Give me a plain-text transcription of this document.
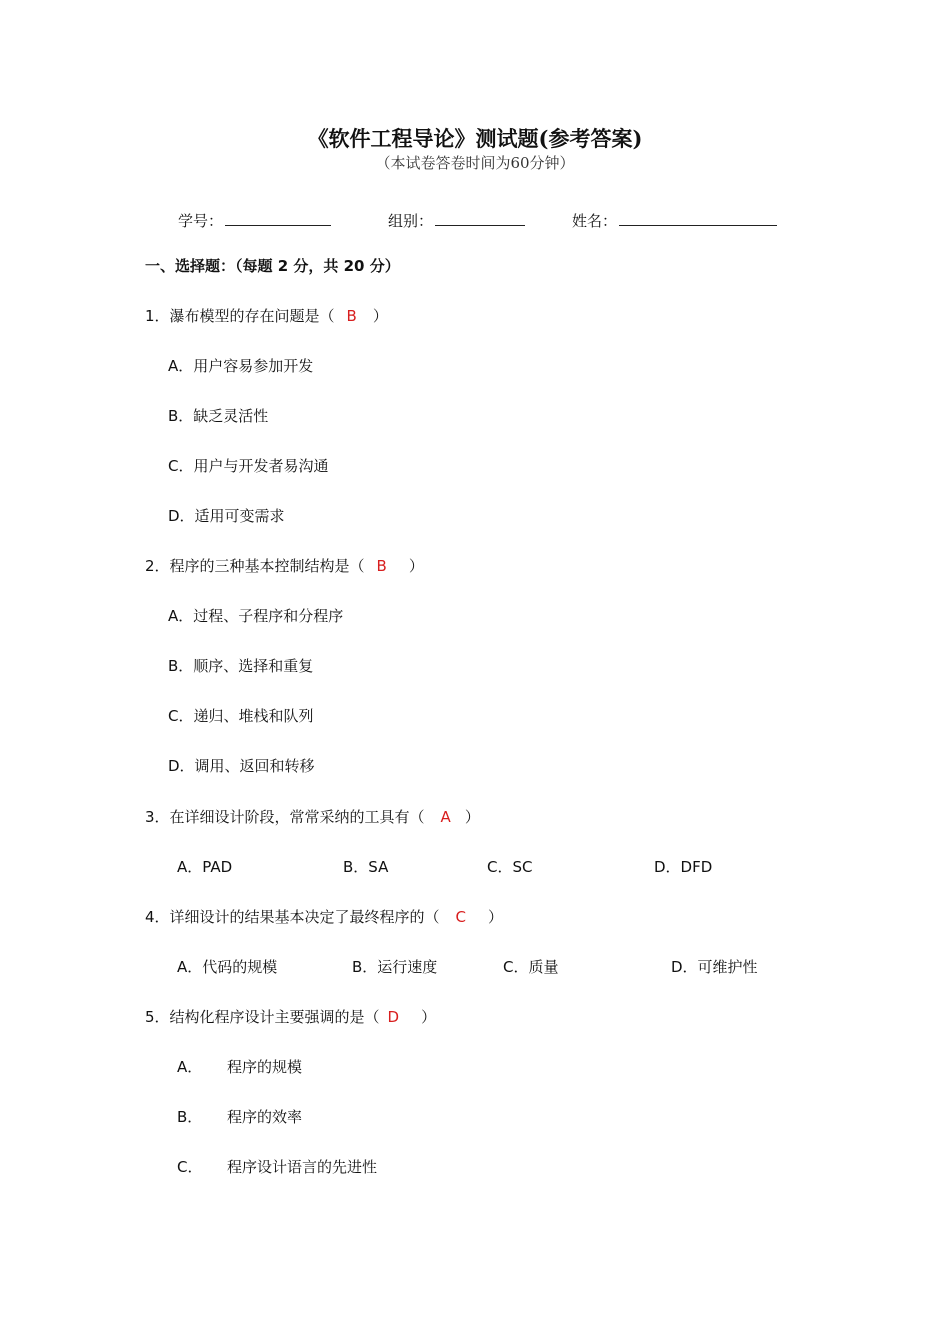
《软件工程导论》测试题(参考答案)
（本试卷答卷时间为60分钟）
学号：	组别：	姓名：
一、选择题：（每题 2 分，共 20 分）
1．瀑布模型的存在问题是（ B ）
A．用户容易参加开发
B．缺乏灵活性
C．用户与开发者易沟通
D．适用可变需求
2．程序的三种基本控制结构是（ B ）
A．过程、子程序和分程序
B．顺序、选择和重复
C．递归、堆栈和队列
D．调用、返回和转移
3．在详细设计阶段，常常采纳的工具有（ A ）
A．PAD	B．SA	C．SC	D．DFD
4．详细设计的结果基本决定了最终程序的（ C ）
A．代码的规模	B．运行速度	C．质量	D．可维护性
5．结构化程序设计主要强调的是（ D ）
A． 程序的规模
B． 程序的效率
C． 程序设计语言的先进性
